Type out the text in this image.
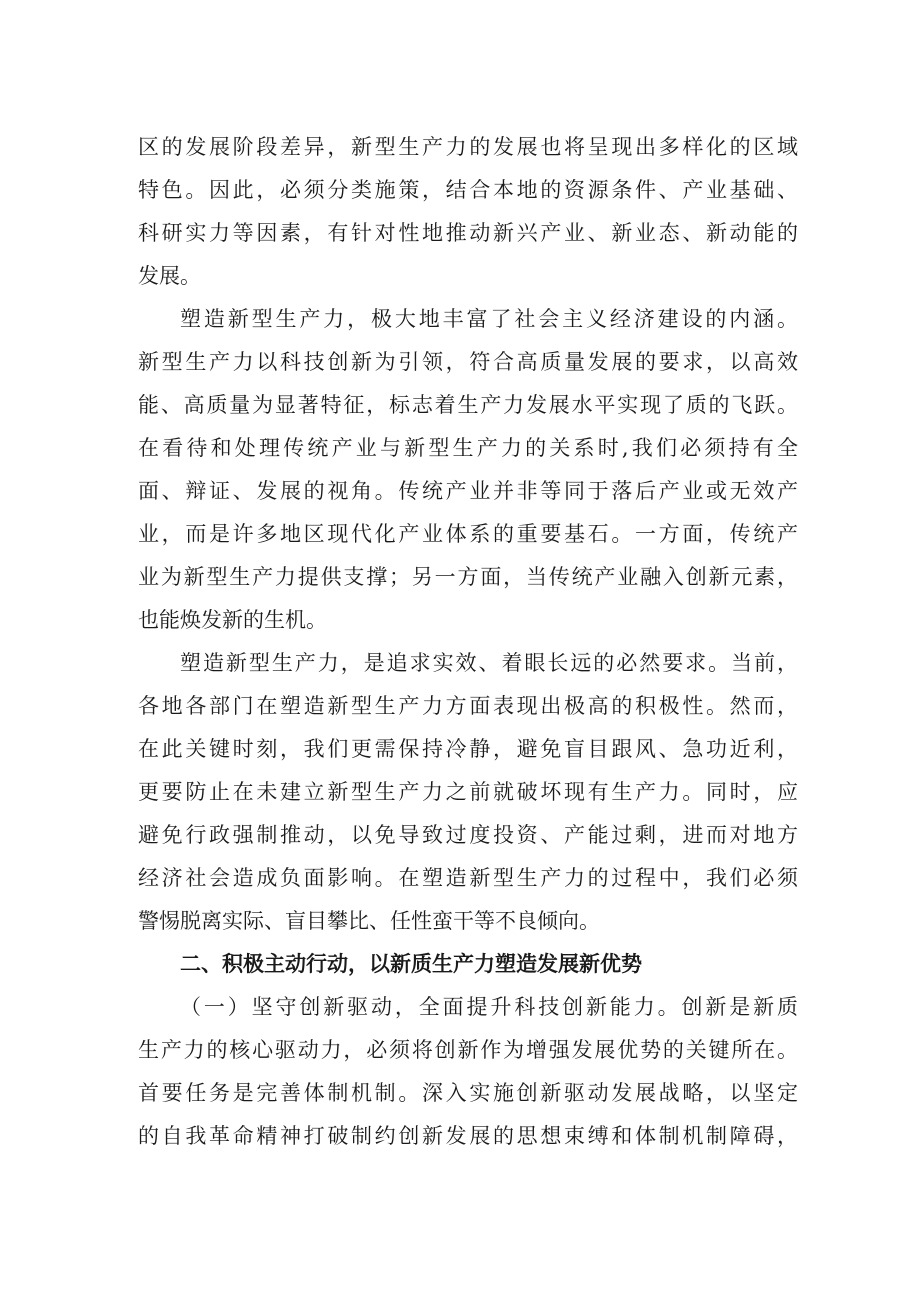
区的发展阶段差异，新型生产力的发展也将呈现出多样化的区域
特色。因此，必须分类施策，结合本地的资源条件、产业基础、
科研实力等因素，有针对性地推动新兴产业、新业态、新动能的
发展。
塑造新型生产力，极大地丰富了社会主义经济建设的内涵。
新型生产力以科技创新为引领，符合高质量发展的要求，以高效
能、高质量为显著特征，标志着生产力发展水平实现了质的飞跃。
在看待和处理传统产业与新型生产力的关系时,我们必须持有全
面、辩证、发展的视角。传统产业并非等同于落后产业或无效产
业，而是许多地区现代化产业体系的重要基石。一方面，传统产
业为新型生产力提供支撑；另一方面，当传统产业融入创新元素，
也能焕发新的生机。
塑造新型生产力，是追求实效、着眼长远的必然要求。当前，
各地各部门在塑造新型生产力方面表现出极高的积极性。然而，
在此关键时刻，我们更需保持冷静，避免盲目跟风、急功近利，
更要防止在未建立新型生产力之前就破坏现有生产力。同时，应
避免行政强制推动，以免导致过度投资、产能过剩，进而对地方
经济社会造成负面影响。在塑造新型生产力的过程中，我们必须
警惕脱离实际、盲目攀比、任性蛮干等不良倾向。
二、积极主动行动，以新质生产力塑造发展新优势
（一）坚守创新驱动，全面提升科技创新能力。创新是新质
生产力的核心驱动力，必须将创新作为增强发展优势的关键所在。
首要任务是完善体制机制。深入实施创新驱动发展战略，以坚定
的自我革命精神打破制约创新发展的思想束缚和体制机制障碍，
